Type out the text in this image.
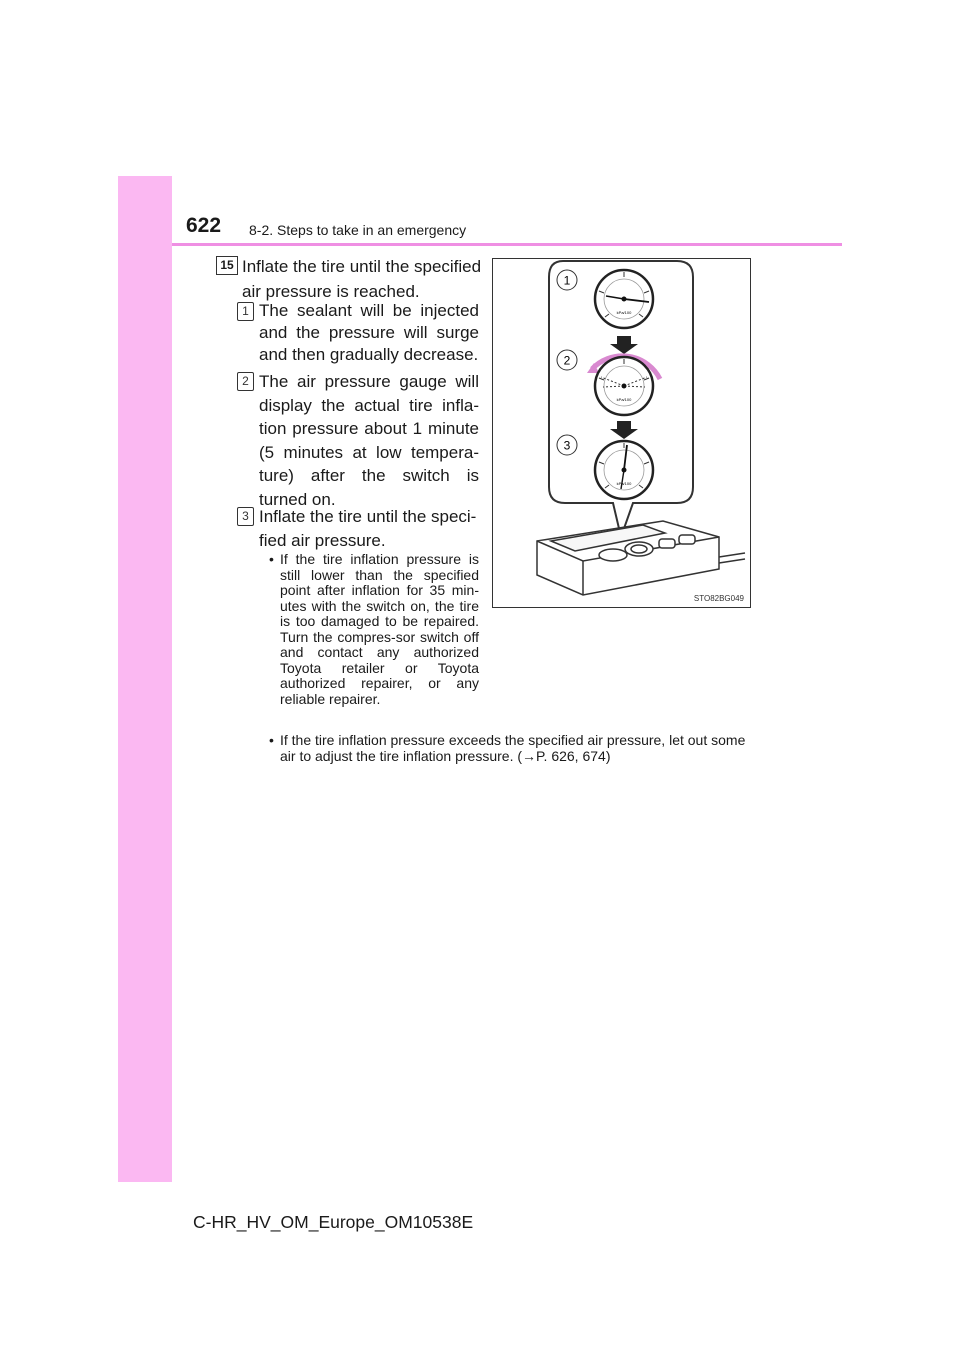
622 8-2. Steps to take in an emergency
15 Inflate the tire until the specified air pressure is reached.
1 The sealant will be injected and the pressure will surge and then gradually decrease.
2 The air pressure gauge will display the actual tire infla-tion pressure about 1 minute (5 minutes at low tempera-ture) after the switch is turned on.
3 Inflate the tire until the speci-fied air pressure.
• If the tire inflation pressure is still lower than the specified point after inflation for 35 min-utes with the switch on, the tire is too damaged to be repaired. Turn the compres-sor switch off and contact any authorized Toyota retailer or Toyota authorized repairer, or any reliable repairer.
• If the tire inflation pressure exceeds the specified air pressure, let out some air to adjust the tire inflation pressure. (→P. 626, 674)
1
2
3
kPa/100
kPa/100
kPa/100
STO82BG049
C-HR_HV_OM_Europe_OM10538E
